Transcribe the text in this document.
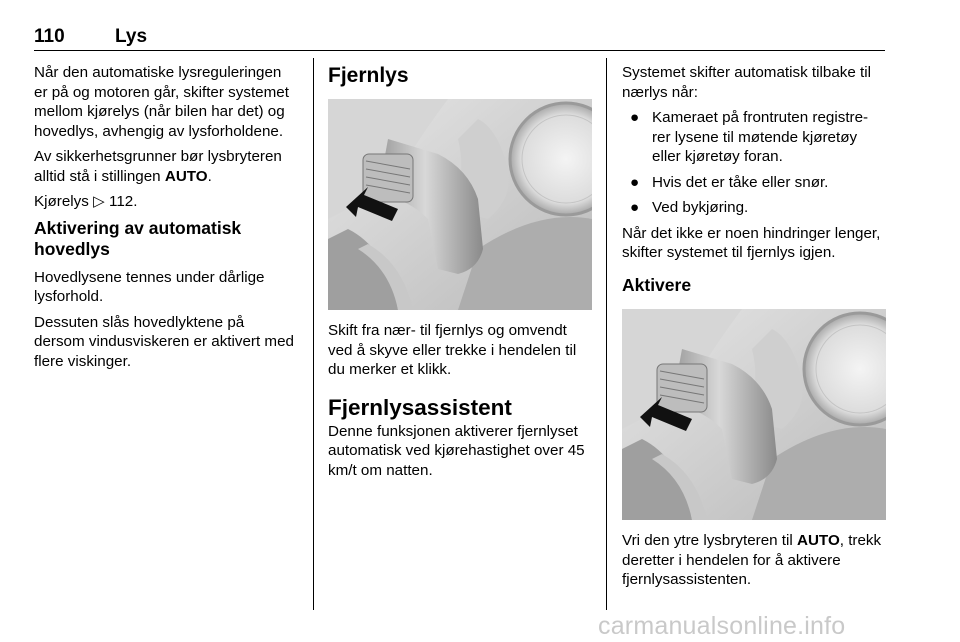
110	Lys

Når den automatiske lysreguleringen er på og motoren går, skifter systemet mellom kjørelys (når bilen har det) og hovedlys, avhengig av lysforholdene.

Av sikkerhetsgrunner bør lysbryteren alltid stå i stillingen AUTO.

Kjørelys ▷ 112.

Aktivering av automatisk hovedlys

Hovedlysene tennes under dårlige lysforhold.

Dessuten slås hovedlyktene på dersom vindusviskeren er aktivert med flere viskinger.

Fjernlys

Skift fra nær- til fjernlys og omvendt ved å skyve eller trekke i hendelen til du merker et klikk.

Fjernlysassistent

Denne funksjonen aktiverer fjernlyset automatisk ved kjørehastighet over 45 km/t om natten.

Systemet skifter automatisk tilbake til nærlys når:

● Kameraet på frontruten registre-rer lysene til møtende kjøretøy eller kjøretøy foran.
● Hvis det er tåke eller snør.
● Ved bykjøring.

Når det ikke er noen hindringer lenger, skifter systemet til fjernlys igjen.

Aktivere

Vri den ytre lysbryteren til AUTO, trekk deretter i hendelen for å aktivere fjernlysassistenten.

carmanualsonline.info
